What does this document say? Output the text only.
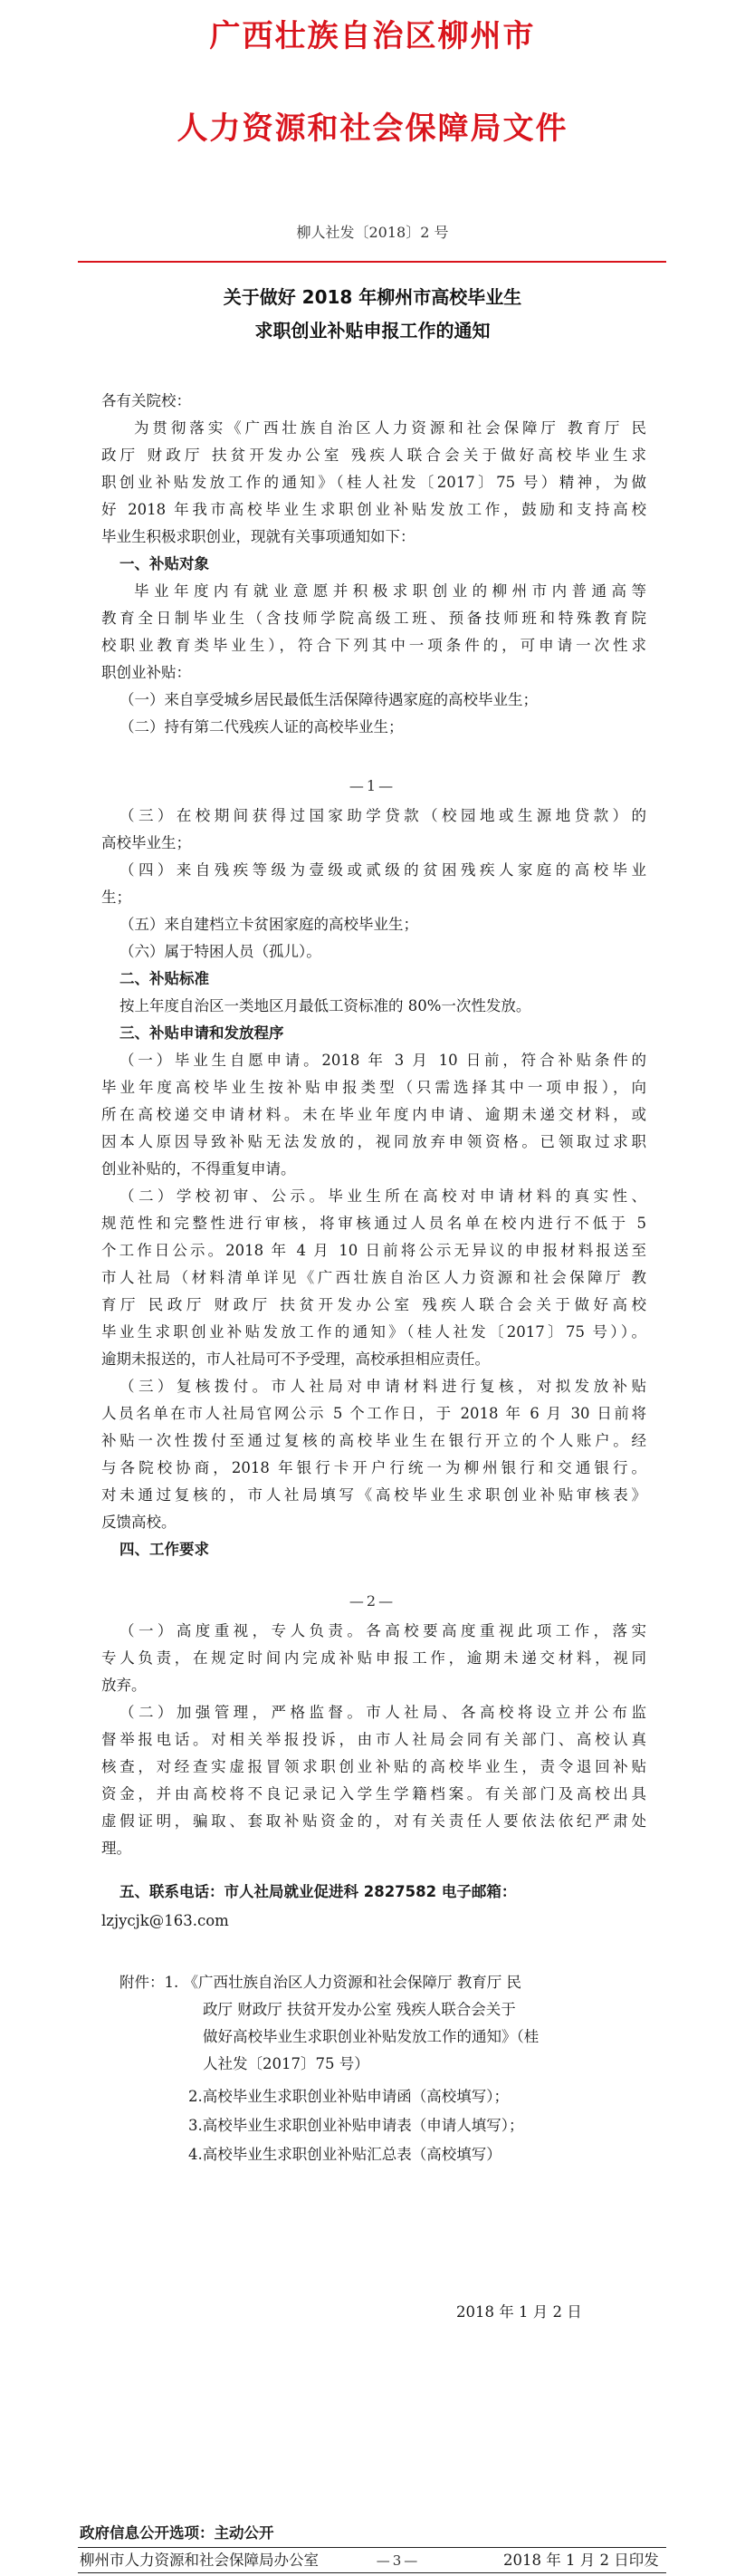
广西壮族自治区柳州市
人力资源和社会保障局文件
柳人社发〔2018〕2 号
关于做好 2018 年柳州市高校毕业生
求职创业补贴申报工作的通知
各有关院校：
为贯彻落实《广西壮族自治区人力资源和社会保障厅 教育厅 民
政厅 财政厅 扶贫开发办公室 残疾人联合会关于做好高校毕业生求
职创业补贴发放工作的通知》（桂人社发〔2017〕75 号）精神，为做
好 2018 年我市高校毕业生求职创业补贴发放工作，鼓励和支持高校
毕业生积极求职创业，现就有关事项通知如下：
一、补贴对象
毕业年度内有就业意愿并积极求职创业的柳州市内普通高等
教育全日制毕业生（含技师学院高级工班、预备技师班和特殊教育院
校职业教育类毕业生），符合下列其中一项条件的，可申请一次性求
职创业补贴：
（一）来自享受城乡居民最低生活保障待遇家庭的高校毕业生；
（二）持有第二代残疾人证的高校毕业生；
—1—
（三）在校期间获得过国家助学贷款（校园地或生源地贷款）的
高校毕业生；
（四）来自残疾等级为壹级或贰级的贫困残疾人家庭的高校毕业
生；
（五）来自建档立卡贫困家庭的高校毕业生；
（六）属于特困人员（孤儿）。
二、补贴标准
按上年度自治区一类地区月最低工资标准的 80%一次性发放。
三、补贴申请和发放程序
（一）毕业生自愿申请。2018 年 3 月 10 日前，符合补贴条件的
毕业年度高校毕业生按补贴申报类型（只需选择其中一项申报），向
所在高校递交申请材料。未在毕业年度内申请、逾期未递交材料，或
因本人原因导致补贴无法发放的，视同放弃申领资格。已领取过求职
创业补贴的，不得重复申请。
（二）学校初审、公示。毕业生所在高校对申请材料的真实性、
规范性和完整性进行审核，将审核通过人员名单在校内进行不低于 5
个工作日公示。2018 年 4 月 10 日前将公示无异议的申报材料报送至
市人社局（材料清单详见《广西壮族自治区人力资源和社会保障厅 教
育厅 民政厅 财政厅 扶贫开发办公室 残疾人联合会关于做好高校
毕业生求职创业补贴发放工作的通知》（桂人社发〔2017〕75 号））。
逾期未报送的，市人社局可不予受理，高校承担相应责任。
（三）复核拨付。市人社局对申请材料进行复核，对拟发放补贴
人员名单在市人社局官网公示 5 个工作日，于 2018 年 6 月 30 日前将
补贴一次性拨付至通过复核的高校毕业生在银行开立的个人账户。经
与各院校协商，2018 年银行卡开户行统一为柳州银行和交通银行。
对未通过复核的，市人社局填写《高校毕业生求职创业补贴审核表》
反馈高校。
四、工作要求
—2—
（一）高度重视，专人负责。各高校要高度重视此项工作，落实
专人负责，在规定时间内完成补贴申报工作，逾期未递交材料，视同
放弃。
（二）加强管理，严格监督。市人社局、各高校将设立并公布监
督举报电话。对相关举报投诉，由市人社局会同有关部门、高校认真
核查，对经查实虚报冒领求职创业补贴的高校毕业生，责令退回补贴
资金，并由高校将不良记录记入学生学籍档案。有关部门及高校出具
虚假证明，骗取、套取补贴资金的，对有关责任人要依法依纪严肃处
理。
五、联系电话：市人社局就业促进科 2827582 电子邮箱：
lzjycjk@163.com
附件：1. 《广西壮族自治区人力资源和社会保障厅 教育厅 民
政厅 财政厅 扶贫开发办公室 残疾人联合会关于
做好高校毕业生求职创业补贴发放工作的通知》（桂
人社发〔2017〕75 号）
2.高校毕业生求职创业补贴申请函（高校填写）；
3.高校毕业生求职创业补贴申请表（申请人填写）；
4.高校毕业生求职创业补贴汇总表（高校填写）
2018 年 1 月 2 日
政府信息公开选项：主动公开
柳州市人力资源和社会保障局办公室	—3—	2018 年 1 月 2 日印发
